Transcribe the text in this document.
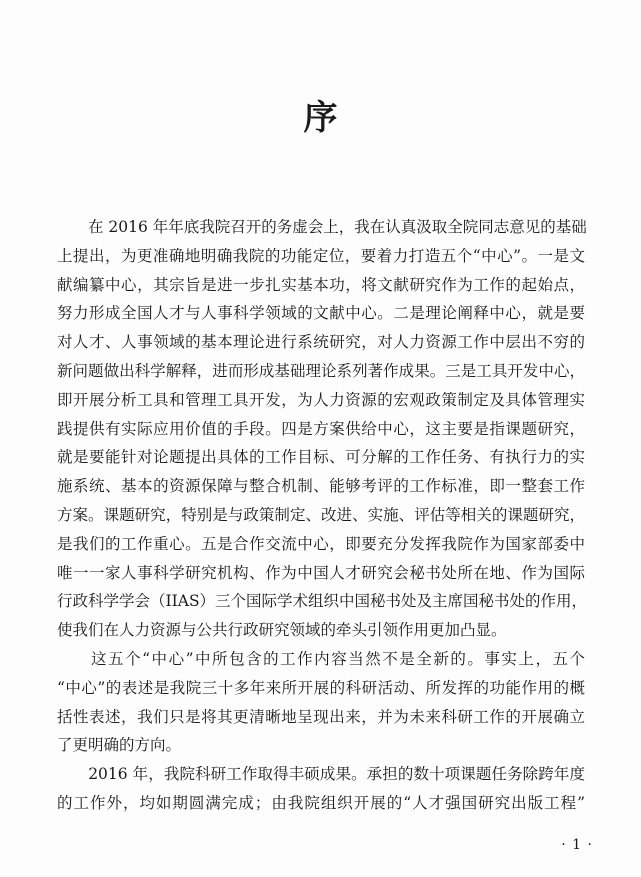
序

　　在 2016 年年底我院召开的务虚会上，我在认真汲取全院同志意见的基础
上提出，为更准确地明确我院的功能定位，要着力打造五个“中心”。一是文
献编纂中心，其宗旨是进一步扎实基本功，将文献研究作为工作的起始点，
努力形成全国人才与人事科学领域的文献中心。二是理论阐释中心，就是要
对人才、人事领域的基本理论进行系统研究，对人力资源工作中层出不穷的
新问题做出科学解释，进而形成基础理论系列著作成果。三是工具开发中心，
即开展分析工具和管理工具开发，为人力资源的宏观政策制定及具体管理实
践提供有实际应用价值的手段。四是方案供给中心，这主要是指课题研究，
就是要能针对论题提出具体的工作目标、可分解的工作任务、有执行力的实
施系统、基本的资源保障与整合机制、能够考评的工作标准，即一整套工作
方案。课题研究，特别是与政策制定、改进、实施、评估等相关的课题研究，
是我们的工作重心。五是合作交流中心，即要充分发挥我院作为国家部委中
唯一一家人事科学研究机构、作为中国人才研究会秘书处所在地、作为国际
行政科学学会（IIAS）三个国际学术组织中国秘书处及主席国秘书处的作用，
使我们在人力资源与公共行政研究领域的牵头引领作用更加凸显。

　　这五个“中心”中所包含的工作内容当然不是全新的。事实上，五个
“中心”的表述是我院三十多年来所开展的科研活动、所发挥的功能作用的概
括性表述，我们只是将其更清晰地呈现出来，并为未来科研工作的开展确立
了更明确的方向。

　　2016 年，我院科研工作取得丰硕成果。承担的数十项课题任务除跨年度
的工作外，均如期圆满完成；由我院组织开展的“人才强国研究出版工程”

· 1 ·
